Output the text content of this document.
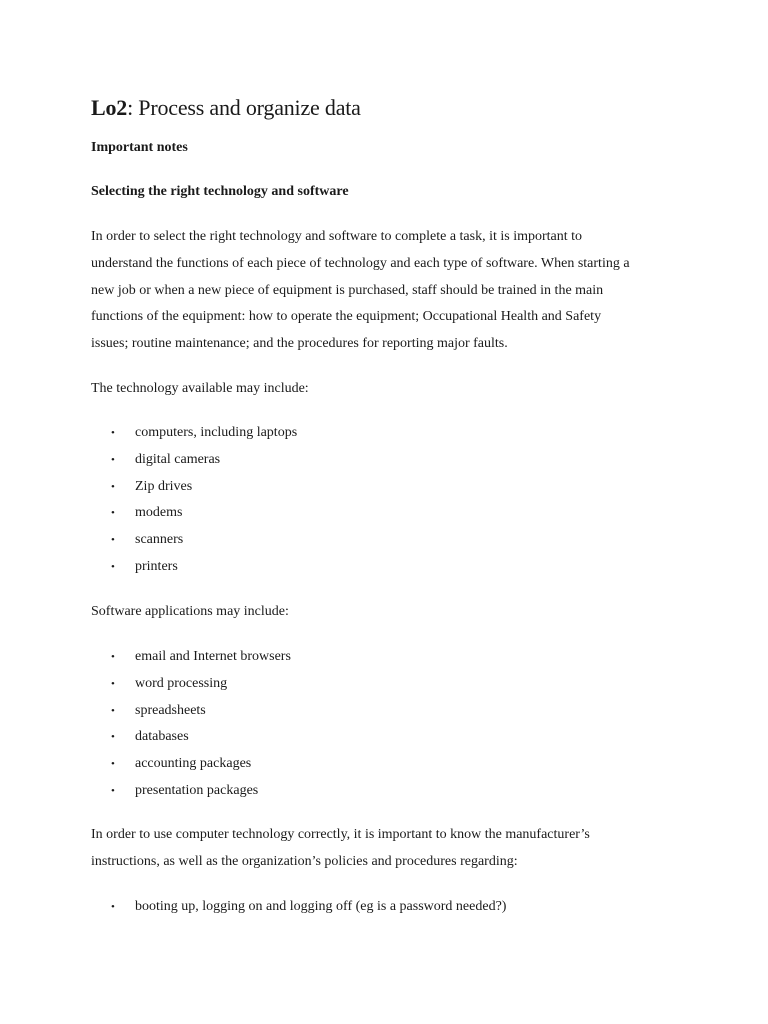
Lo2: Process and organize data
Important notes
Selecting the right technology and software
In order to select the right technology and software to complete a task, it is important to
understand the functions of each piece of technology and each type of software. When starting a
new job or when a new piece of equipment is purchased, staff should be trained in the main
functions of the equipment: how to operate the equipment; Occupational Health and Safety
issues; routine maintenance; and the procedures for reporting major faults.
The technology available may include:
• computers, including laptops
• digital cameras
• Zip drives
• modems
• scanners
• printers
Software applications may include:
• email and Internet browsers
• word processing
• spreadsheets
• databases
• accounting packages
• presentation packages
In order to use computer technology correctly, it is important to know the manufacturer’s
instructions, as well as the organization’s policies and procedures regarding:
• booting up, logging on and logging off (eg is a password needed?)
